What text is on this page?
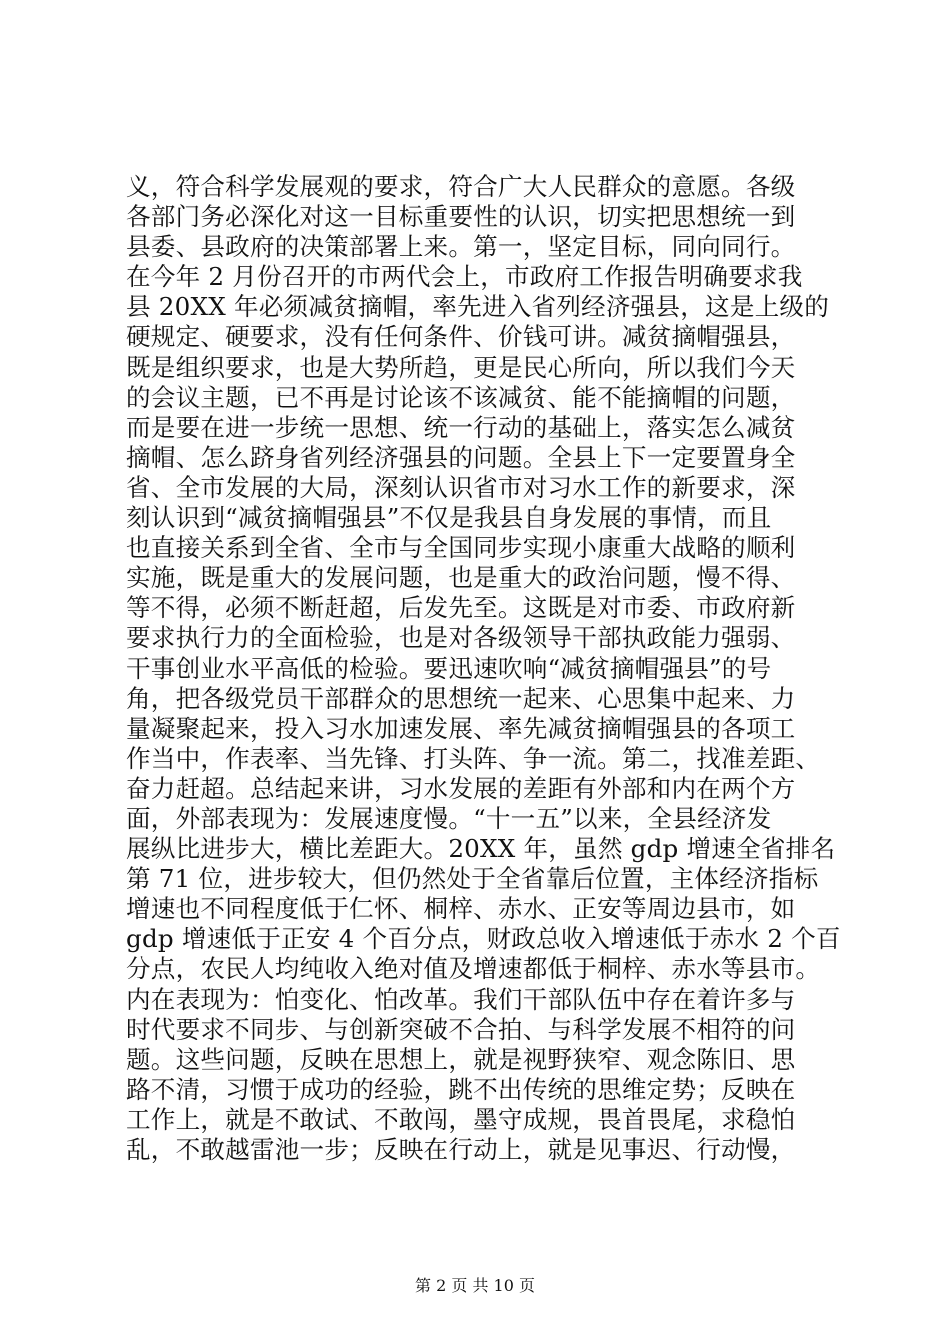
义，符合科学发展观的要求，符合广大人民群众的意愿。各级
各部门务必深化对这一目标重要性的认识，切实把思想统一到
县委、县政府的决策部署上来。第一，坚定目标，同向同行。
在今年 2 月份召开的市两代会上，市政府工作报告明确要求我
县 20XX 年必须减贫摘帽，率先进入省列经济强县，这是上级的
硬规定、硬要求，没有任何条件、价钱可讲。减贫摘帽强县，
既是组织要求，也是大势所趋，更是民心所向，所以我们今天
的会议主题，已不再是讨论该不该减贫、能不能摘帽的问题，
而是要在进一步统一思想、统一行动的基础上，落实怎么减贫
摘帽、怎么跻身省列经济强县的问题。全县上下一定要置身全
省、全市发展的大局，深刻认识省市对习水工作的新要求，深
刻认识到“减贫摘帽强县”不仅是我县自身发展的事情，而且
也直接关系到全省、全市与全国同步实现小康重大战略的顺利
实施，既是重大的发展问题，也是重大的政治问题，慢不得、
等不得，必须不断赶超，后发先至。这既是对市委、市政府新
要求执行力的全面检验，也是对各级领导干部执政能力强弱、
干事创业水平高低的检验。要迅速吹响“减贫摘帽强县”的号
角，把各级党员干部群众的思想统一起来、心思集中起来、力
量凝聚起来，投入习水加速发展、率先减贫摘帽强县的各项工
作当中，作表率、当先锋、打头阵、争一流。第二，找准差距、
奋力赶超。总结起来讲，习水发展的差距有外部和内在两个方
面，外部表现为：发展速度慢。“十一五”以来，全县经济发
展纵比进步大，横比差距大。20XX 年，虽然 gdp 增速全省排名
第 71 位，进步较大，但仍然处于全省靠后位置，主体经济指标
增速也不同程度低于仁怀、桐梓、赤水、正安等周边县市，如
gdp 增速低于正安 4 个百分点，财政总收入增速低于赤水 2 个百
分点，农民人均纯收入绝对值及增速都低于桐梓、赤水等县市。
内在表现为：怕变化、怕改革。我们干部队伍中存在着许多与
时代要求不同步、与创新突破不合拍、与科学发展不相符的问
题。这些问题，反映在思想上，就是视野狭窄、观念陈旧、思
路不清，习惯于成功的经验，跳不出传统的思维定势；反映在
工作上，就是不敢试、不敢闯，墨守成规，畏首畏尾，求稳怕
乱，不敢越雷池一步；反映在行动上，就是见事迟、行动慢，
第 2 页 共 10 页
